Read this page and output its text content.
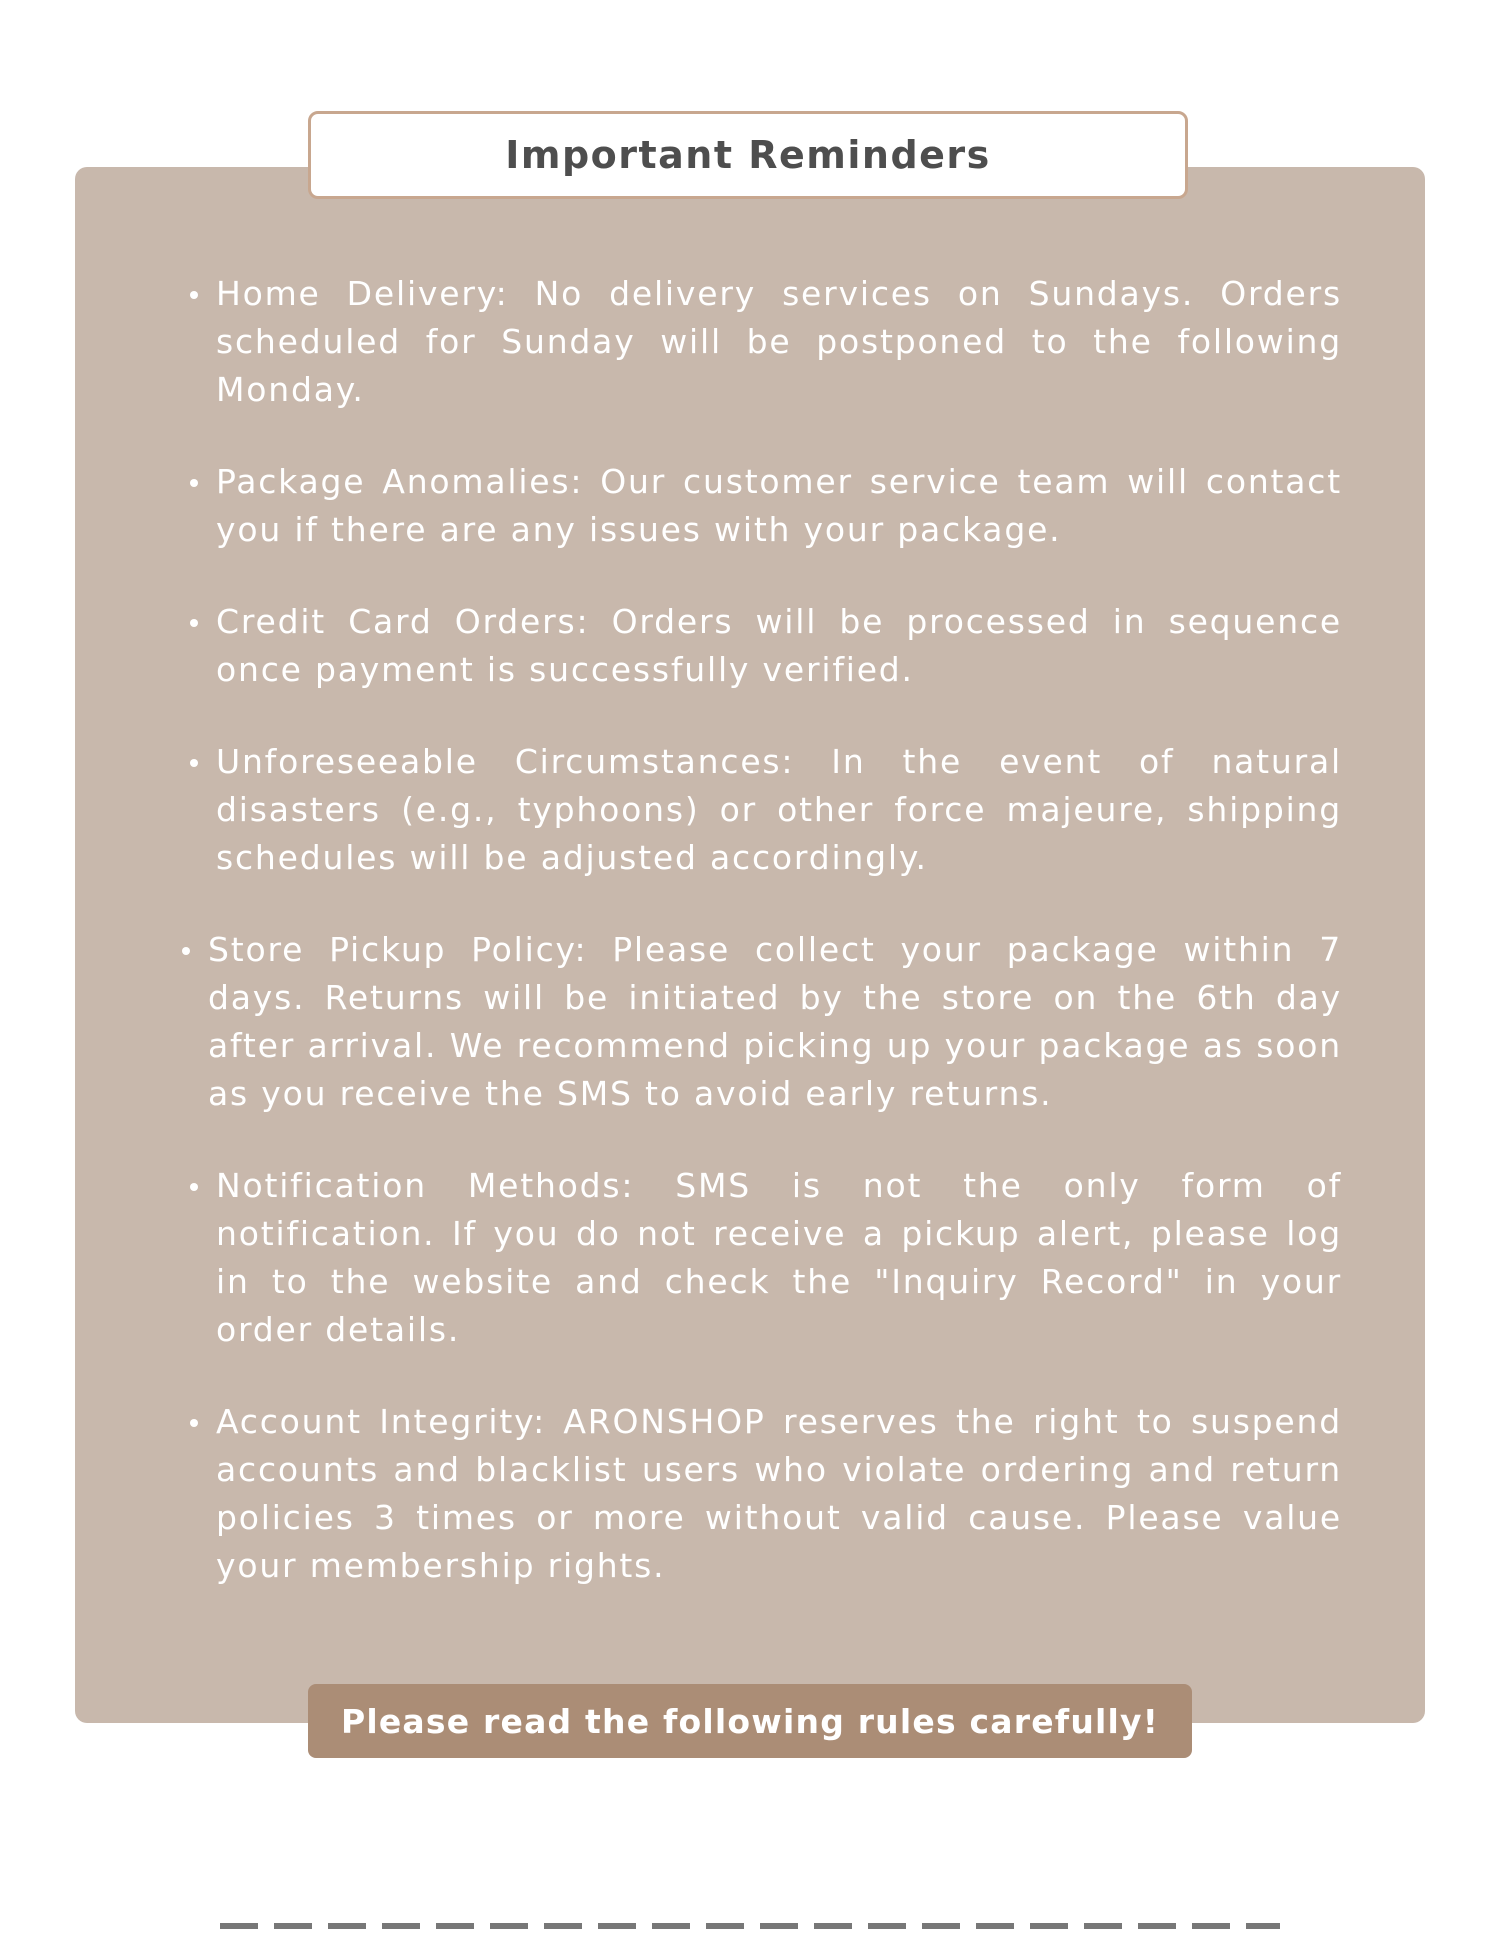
Important Reminders
Home Delivery: No delivery services on Sundays. Orders scheduled for Sunday will be postponed to the following Monday.
Package Anomalies: Our customer service team will contact you if there are any issues with your package.
Credit Card Orders: Orders will be processed in sequence once payment is successfully verified.
Unforeseeable Circumstances: In the event of natural disasters (e.g., typhoons) or other force majeure, shipping schedules will be adjusted accordingly.
Store Pickup Policy: Please collect your package within 7 days. Returns will be initiated by the store on the 6th day after arrival. We recommend picking up your package as soon as you receive the SMS to avoid early returns.
Notification Methods: SMS is not the only form of notification. If you do not receive a pickup alert, please log in to the website and check the "Inquiry Record" in your order details.
Account Integrity: ARONSHOP reserves the right to suspend accounts and blacklist users who violate ordering and return policies 3 times or more without valid cause. Please value your membership rights.
Please read the following rules carefully!
